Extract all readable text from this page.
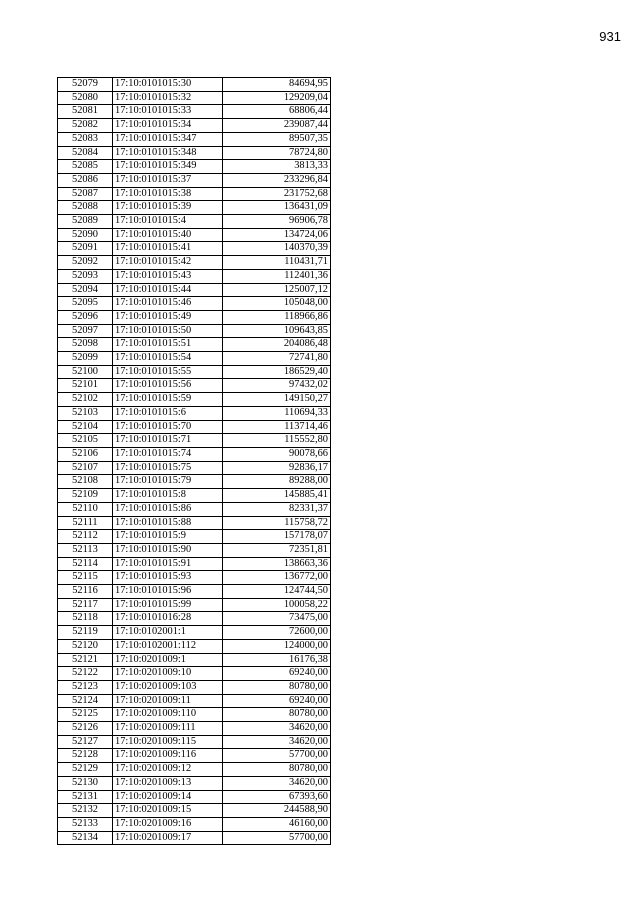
931
52079	17:10:0101015:30	84694,95
52080	17:10:0101015:32	129209,04
52081	17:10:0101015:33	68806,44
52082	17:10:0101015:34	239087,44
52083	17:10:0101015:347	89507,35
52084	17:10:0101015:348	78724,80
52085	17:10:0101015:349	3813,33
52086	17:10:0101015:37	233296,84
52087	17:10:0101015:38	231752,68
52088	17:10:0101015:39	136431,09
52089	17:10:0101015:4	96906,78
52090	17:10:0101015:40	134724,06
52091	17:10:0101015:41	140370,39
52092	17:10:0101015:42	110431,71
52093	17:10:0101015:43	112401,36
52094	17:10:0101015:44	125007,12
52095	17:10:0101015:46	105048,00
52096	17:10:0101015:49	118966,86
52097	17:10:0101015:50	109643,85
52098	17:10:0101015:51	204086,48
52099	17:10:0101015:54	72741,80
52100	17:10:0101015:55	186529,40
52101	17:10:0101015:56	97432,02
52102	17:10:0101015:59	149150,27
52103	17:10:0101015:6	110694,33
52104	17:10:0101015:70	113714,46
52105	17:10:0101015:71	115552,80
52106	17:10:0101015:74	90078,66
52107	17:10:0101015:75	92836,17
52108	17:10:0101015:79	89288,00
52109	17:10:0101015:8	145885,41
52110	17:10:0101015:86	82331,37
52111	17:10:0101015:88	115758,72
52112	17:10:0101015:9	157178,07
52113	17:10:0101015:90	72351,81
52114	17:10:0101015:91	138663,36
52115	17:10:0101015:93	136772,00
52116	17:10:0101015:96	124744,50
52117	17:10:0101015:99	100058,22
52118	17:10:0101016:28	73475,00
52119	17:10:0102001:1	72600,00
52120	17:10:0102001:112	124000,00
52121	17:10:0201009:1	16176,38
52122	17:10:0201009:10	69240,00
52123	17:10:0201009:103	80780,00
52124	17:10:0201009:11	69240,00
52125	17:10:0201009:110	80780,00
52126	17:10:0201009:111	34620,00
52127	17:10:0201009:115	34620,00
52128	17:10:0201009:116	57700,00
52129	17:10:0201009:12	80780,00
52130	17:10:0201009:13	34620,00
52131	17:10:0201009:14	67393,60
52132	17:10:0201009:15	244588,90
52133	17:10:0201009:16	46160,00
52134	17:10:0201009:17	57700,00
